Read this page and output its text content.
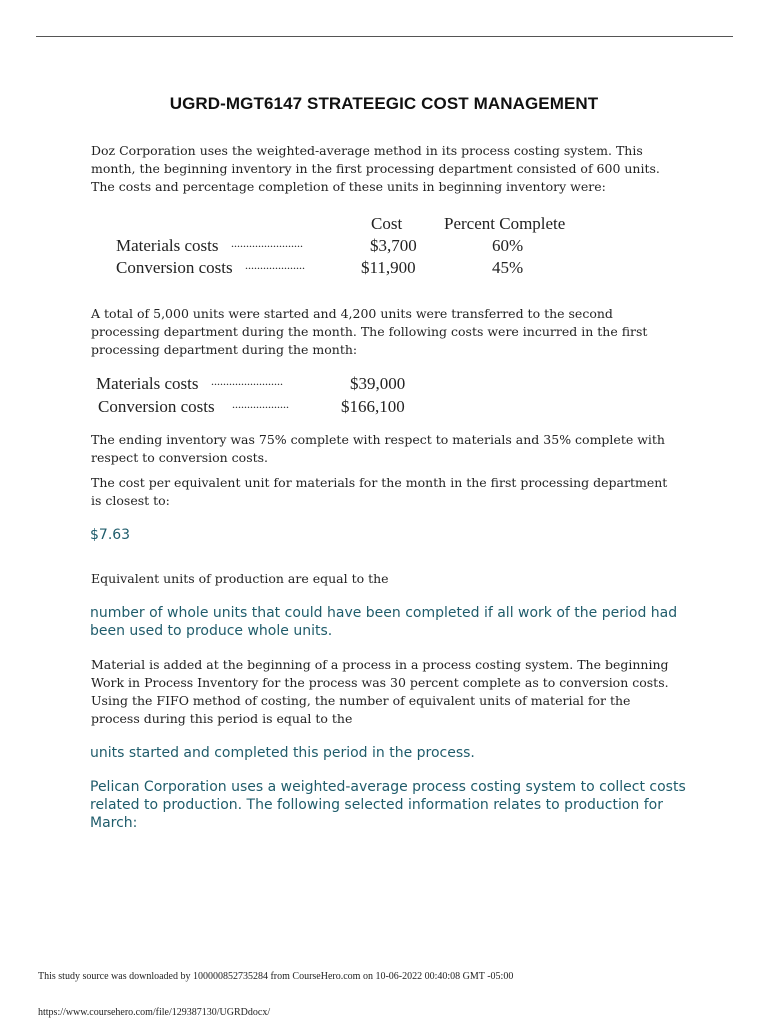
UGRD-MGT6147 STRATEEGIC COST MANAGEMENT
Doz Corporation uses the weighted-average method in its process costing system. This month, the beginning inventory in the first processing department consisted of 600 units. The costs and percentage completion of these units in beginning inventory were:
Cost Percent Complete
Materials costs ........................	$3,700	60%
Conversion costs ....................	$11,900	45%
A total of 5,000 units were started and 4,200 units were transferred to the second processing department during the month. The following costs were incurred in the first processing department during the month:
Materials costs ........................	$39,000
Conversion costs ...................	$166,100
The ending inventory was 75% complete with respect to materials and 35% complete with respect to conversion costs.
The cost per equivalent unit for materials for the month in the first processing department is closest to:
$7.63
Equivalent units of production are equal to the
number of whole units that could have been completed if all work of the period had been used to produce whole units.
Material is added at the beginning of a process in a process costing system. The beginning Work in Process Inventory for the process was 30 percent complete as to conversion costs. Using the FIFO method of costing, the number of equivalent units of material for the process during this period is equal to the
units started and completed this period in the process.
Pelican Corporation uses a weighted-average process costing system to collect costs related to production. The following selected information relates to production for March:
This study source was downloaded by 100000852735284 from CourseHero.com on 10-06-2022 00:40:08 GMT -05:00
https://www.coursehero.com/file/129387130/UGRDdocx/
